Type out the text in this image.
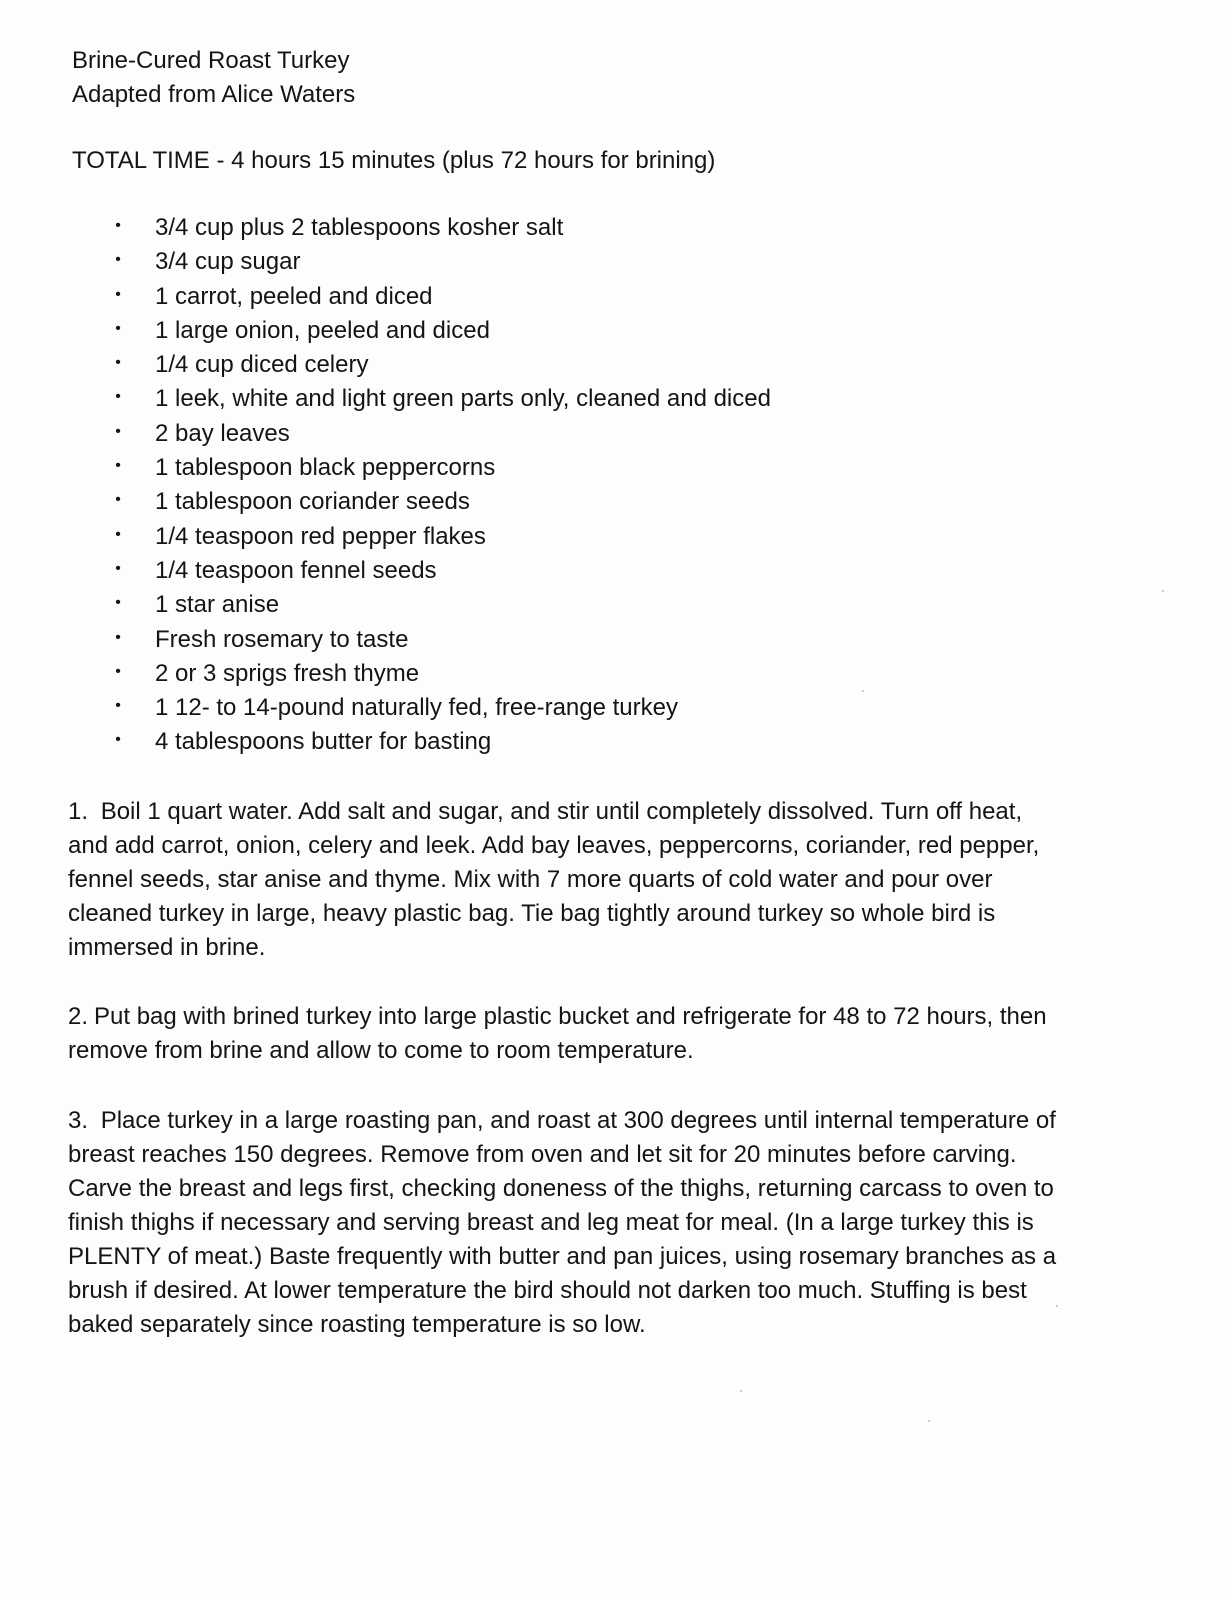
Brine-Cured Roast Turkey
Adapted from Alice Waters
TOTAL TIME - 4 hours 15 minutes (plus 72 hours for brining)
• 3/4 cup plus 2 tablespoons kosher salt
• 3/4 cup sugar
• 1 carrot, peeled and diced
• 1 large onion, peeled and diced
• 1/4 cup diced celery
• 1 leek, white and light green parts only, cleaned and diced
• 2 bay leaves
• 1 tablespoon black peppercorns
• 1 tablespoon coriander seeds
• 1/4 teaspoon red pepper flakes
• 1/4 teaspoon fennel seeds
• 1 star anise
• Fresh rosemary to taste
• 2 or 3 sprigs fresh thyme
• 1 12- to 14-pound naturally fed, free-range turkey
• 4 tablespoons butter for basting

1. Boil 1 quart water. Add salt and sugar, and stir until completely dissolved. Turn off heat, and add carrot, onion, celery and leek. Add bay leaves, peppercorns, coriander, red pepper, fennel seeds, star anise and thyme. Mix with 7 more quarts of cold water and pour over cleaned turkey in large, heavy plastic bag. Tie bag tightly around turkey so whole bird is immersed in brine.

2. Put bag with brined turkey into large plastic bucket and refrigerate for 48 to 72 hours, then remove from brine and allow to come to room temperature.

3. Place turkey in a large roasting pan, and roast at 300 degrees until internal temperature of breast reaches 150 degrees. Remove from oven and let sit for 20 minutes before carving. Carve the breast and legs first, checking doneness of the thighs, returning carcass to oven to finish thighs if necessary and serving breast and leg meat for meal. (In a large turkey this is PLENTY of meat.) Baste frequently with butter and pan juices, using rosemary branches as a brush if desired. At lower temperature the bird should not darken too much. Stuffing is best baked separately since roasting temperature is so low.
